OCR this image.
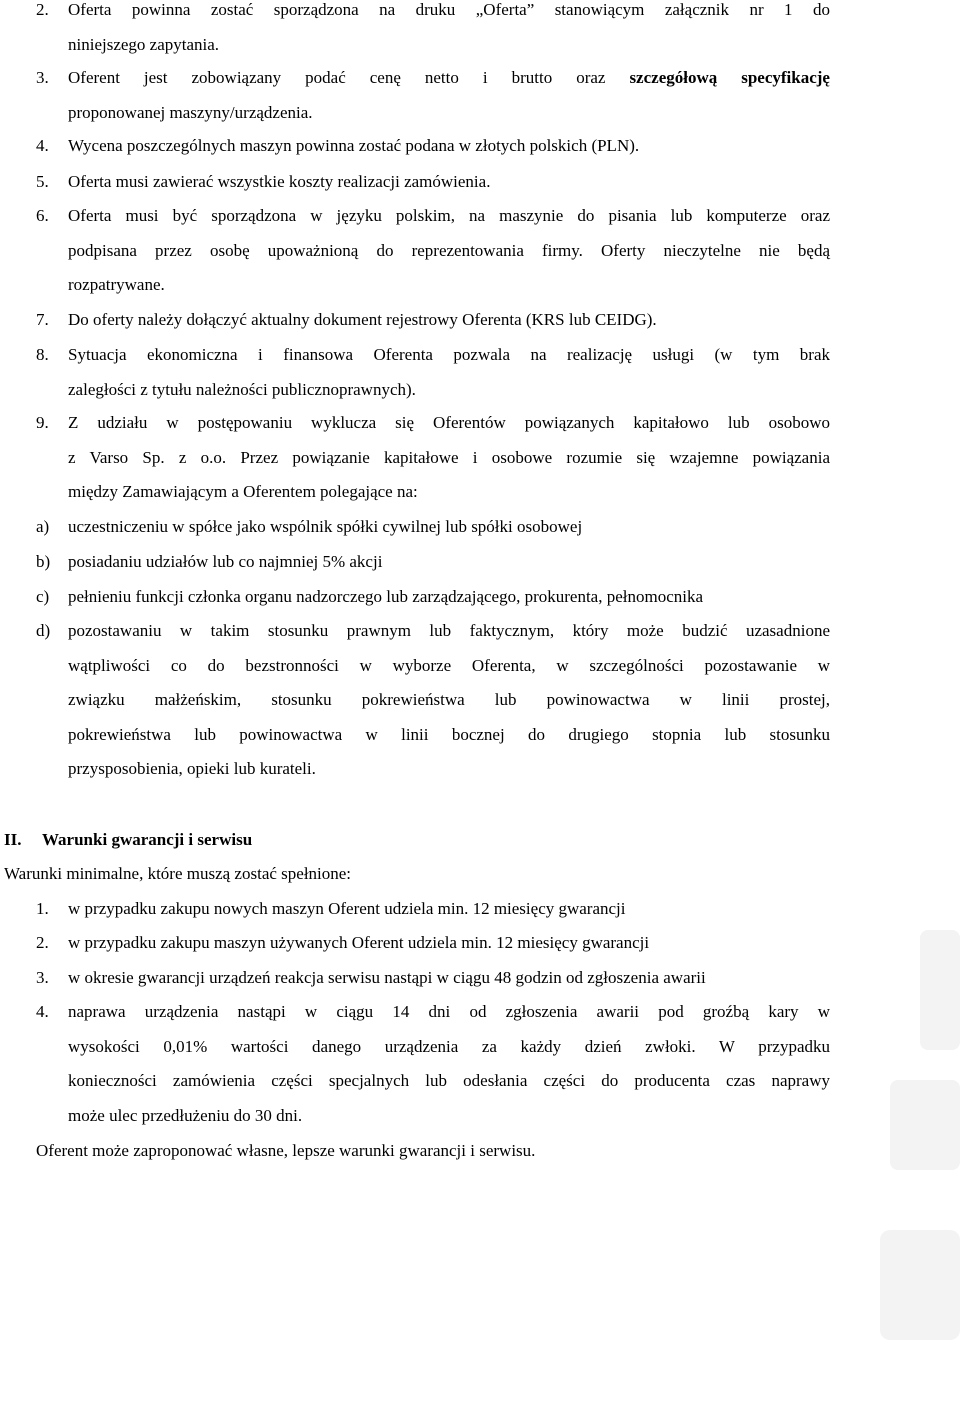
2. Oferta powinna zostać sporządzona na druku „Oferta” stanowiącym załącznik nr 1 do
niniejszego zapytania.
3. Oferent jest zobowiązany podać cenę netto i brutto oraz szczegółową specyfikację
proponowanej maszyny/urządzenia.
4. Wycena poszczególnych maszyn powinna zostać podana w złotych polskich (PLN).
5. Oferta musi zawierać wszystkie koszty realizacji zamówienia.
6. Oferta musi być sporządzona w języku polskim, na maszynie do pisania lub komputerze oraz
podpisana przez osobę upoważnioną do reprezentowania firmy. Oferty nieczytelne nie będą
rozpatrywane.
7. Do oferty należy dołączyć aktualny dokument rejestrowy Oferenta (KRS lub CEIDG).
8. Sytuacja ekonomiczna i finansowa Oferenta pozwala na realizację usługi (w tym brak
zaległości z tytułu należności publicznoprawnych).
9. Z udziału w postępowaniu wyklucza się Oferentów powiązanych kapitałowo lub osobowo
z Varso Sp. z o.o. Przez powiązanie kapitałowe i osobowe rozumie się wzajemne powiązania
między Zamawiającym a Oferentem polegające na:
a) uczestniczeniu w spółce jako wspólnik spółki cywilnej lub spółki osobowej
b) posiadaniu udziałów lub co najmniej 5% akcji
c) pełnieniu funkcji członka organu nadzorczego lub zarządzającego, prokurenta, pełnomocnika
d) pozostawaniu w takim stosunku prawnym lub faktycznym, który może budzić uzasadnione
wątpliwości co do bezstronności w wyborze Oferenta, w szczególności pozostawanie w
związku małżeńskim, stosunku pokrewieństwa lub powinowactwa w linii prostej,
pokrewieństwa lub powinowactwa w linii bocznej do drugiego stopnia lub stosunku
przysposobienia, opieki lub kurateli.
II. Warunki gwarancji i serwisu
Warunki minimalne, które muszą zostać spełnione:
1. w przypadku zakupu nowych maszyn Oferent udziela min. 12 miesięcy gwarancji
2. w przypadku zakupu maszyn używanych Oferent udziela min. 12 miesięcy gwarancji
3. w okresie gwarancji urządzeń reakcja serwisu nastąpi w ciągu 48 godzin od zgłoszenia awarii
4. naprawa urządzenia nastąpi w ciągu 14 dni od zgłoszenia awarii pod groźbą kary w
wysokości 0,01% wartości danego urządzenia za każdy dzień zwłoki. W przypadku
konieczności zamówienia części specjalnych lub odesłania części do producenta czas naprawy
może ulec przedłużeniu do 30 dni.
Oferent może zaproponować własne, lepsze warunki gwarancji i serwisu.
